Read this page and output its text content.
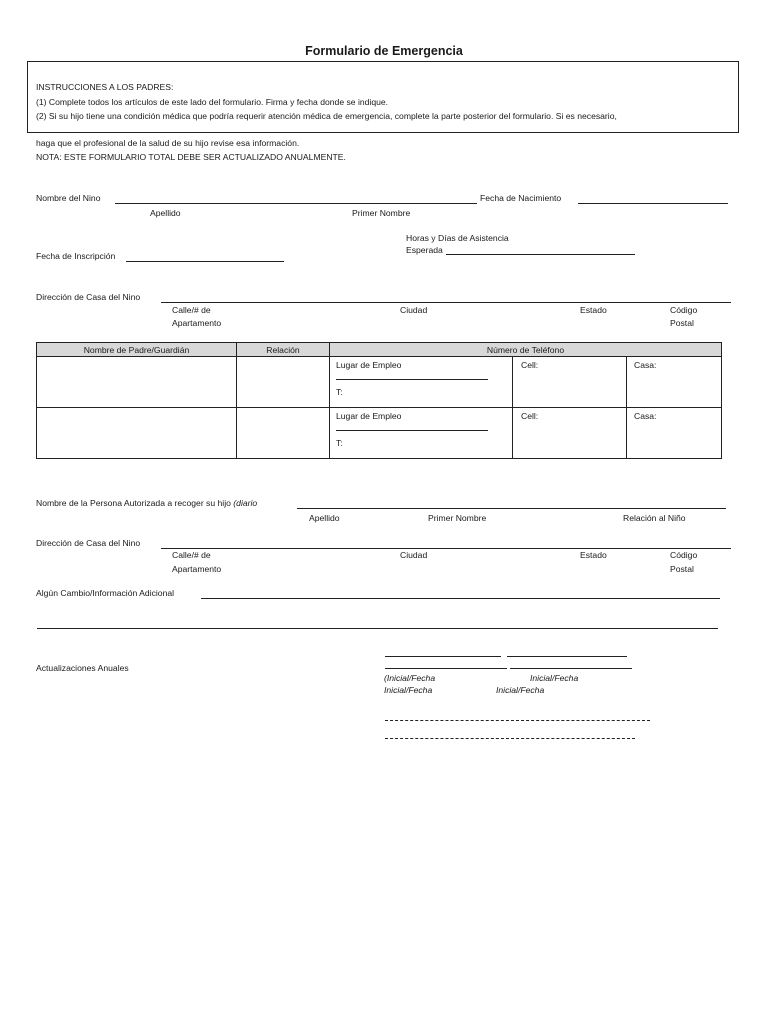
Formulario de Emergencia
INSTRUCCIONES A LOS PADRES:
(1) Complete todos los artículos de este lado del formulario. Firma y fecha donde se indique.
(2) Si su hijo tiene una condición médica que podría requerir atención médica de emergencia, complete la parte posterior del formulario. Si es necesario,
haga que el profesional de la salud de su hijo revise esa información.
NOTA: ESTE FORMULARIO TOTAL DEBE SER ACTUALIZADO ANUALMENTE.
Nombre del Nino	Fecha de Nacimiento
Apellido	Primer Nombre
Horas y Días de Asistencia
Esperada
Fecha de Inscripción
Dirección de Casa del Nino
Calle/# de
Apartamento
Ciudad	Estado	Código
Postal
Nombre de Padre/Guardián	Relación	Número de Teléfono		

		Lugar de Empleo
T:	Cell:	Casa:

		Lugar de Empleo
T:	Cell:	Casa:
Nombre de la Persona Autorizada a recoger su hijo (diario
Apellido	Primer Nombre	Relación al Niño
Dirección de Casa del Nino
Calle/# de
Apartamento
Ciudad	Estado	Código
Postal
Algún Cambio/Información Adicional
Actualizaciones Anuales
(Inicial/Fecha	Inicial/Fecha
Inicial/Fecha	Inicial/Fecha
